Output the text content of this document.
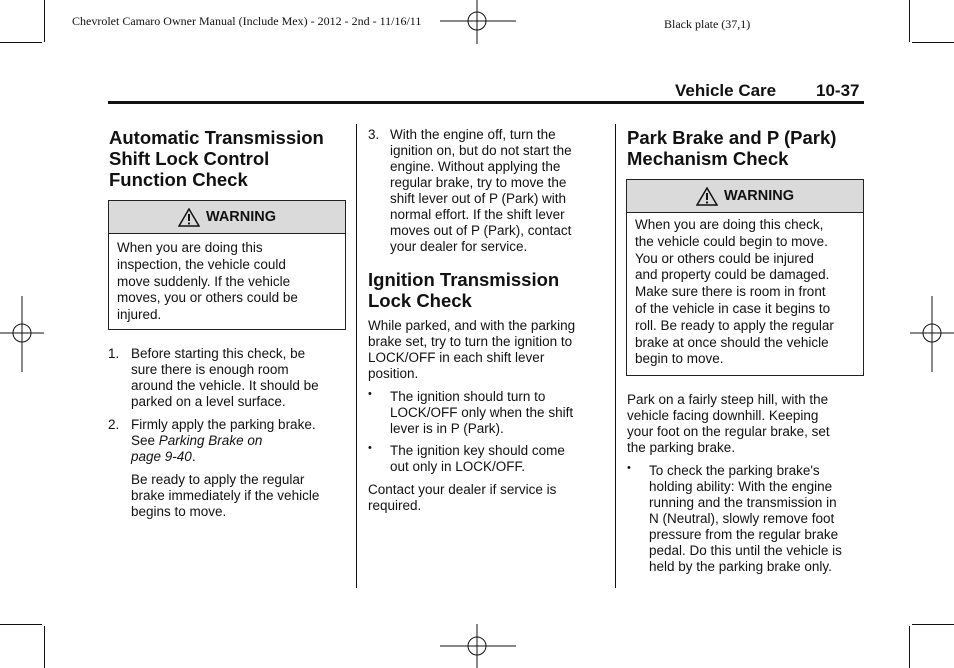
Chevrolet Camaro Owner Manual (Include Mex) - 2012 - 2nd - 11/16/11	Black plate (37,1)
Vehicle Care 10-37
Automatic Transmission
Shift Lock Control
Function Check
WARNING
When you are doing this
inspection, the vehicle could
move suddenly. If the vehicle
moves, you or others could be
injured.
1. Before starting this check, be
sure there is enough room
around the vehicle. It should be
parked on a level surface.
2. Firmly apply the parking brake.
See Parking Brake on
page 9-40.

Be ready to apply the regular
brake immediately if the vehicle
begins to move.

3. With the engine off, turn the
ignition on, but do not start the
engine. Without applying the
regular brake, try to move the
shift lever out of P (Park) with
normal effort. If the shift lever
moves out of P (Park), contact
your dealer for service.
Ignition Transmission
Lock Check

While parked, and with the parking
brake set, try to turn the ignition to
LOCK/OFF in each shift lever
position.

• The ignition should turn to
LOCK/OFF only when the shift
lever is in P (Park).
• The ignition key should come
out only in LOCK/OFF.

Contact your dealer if service is
required.

Park Brake and P (Park)
Mechanism Check
WARNING
When you are doing this check,
the vehicle could begin to move.
You or others could be injured
and property could be damaged.
Make sure there is room in front
of the vehicle in case it begins to
roll. Be ready to apply the regular
brake at once should the vehicle
begin to move.

Park on a fairly steep hill, with the
vehicle facing downhill. Keeping
your foot on the regular brake, set
the parking brake.

• To check the parking brake's
holding ability: With the engine
running and the transmission in
N (Neutral), slowly remove foot
pressure from the regular brake
pedal. Do this until the vehicle is
held by the parking brake only.
